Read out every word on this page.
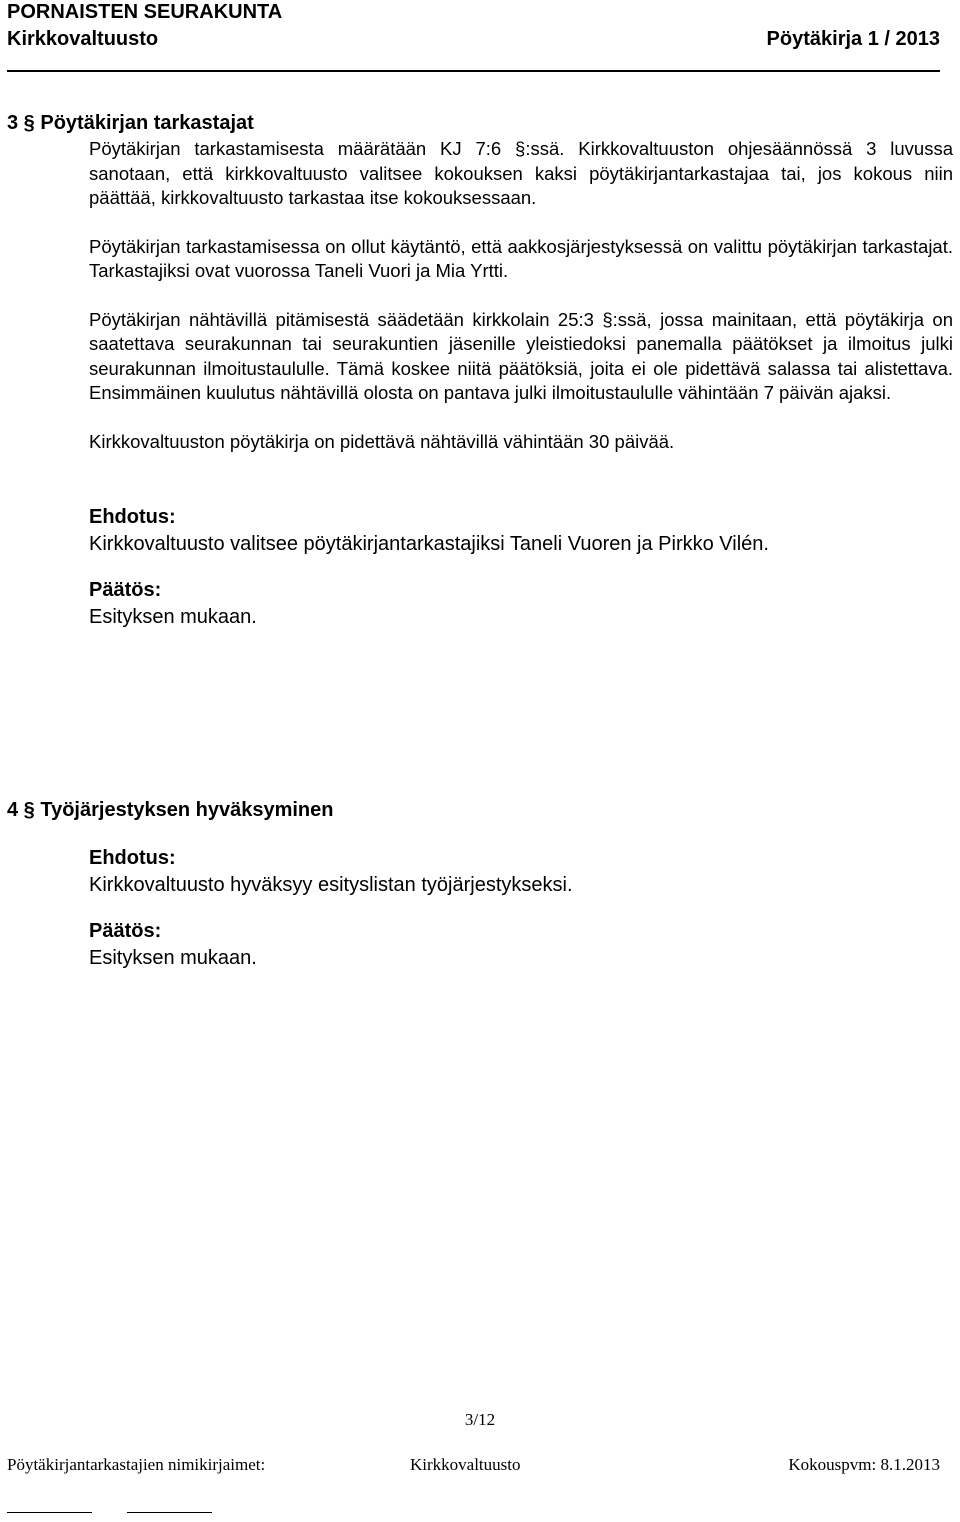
PORNAISTEN SEURAKUNTA
Kirkkovaltuusto	Pöytäkirja 1 / 2013
3 § Pöytäkirjan tarkastajat

Pöytäkirjan tarkastamisesta määrätään KJ 7:6 §:ssä. Kirkkovaltuuston ohjesäännössä 3 luvussa sanotaan, että kirkkovaltuusto valitsee kokouksen kaksi pöytäkirjantarkastajaa tai, jos kokous niin päättää, kirkkovaltuusto tarkastaa itse kokouksessaan.

Pöytäkirjan tarkastamisessa on ollut käytäntö, että aakkosjärjestyksessä on valittu pöytäkirjan tarkastajat. Tarkastajiksi ovat vuorossa Taneli Vuori ja Mia Yrtti.

Pöytäkirjan nähtävillä pitämisestä säädetään kirkkolain 25:3 §:ssä, jossa mainitaan, että pöytäkirja on saatettava seurakunnan tai seurakuntien jäsenille yleistiedoksi panemalla päätökset ja ilmoitus julki seurakunnan ilmoitustaululle. Tämä koskee niitä päätöksiä, joita ei ole pidettävä salassa tai alistettava. Ensimmäinen kuulutus nähtävillä olosta on pantava julki ilmoitustaululle vähintään 7 päivän ajaksi.

Kirkkovaltuuston pöytäkirja on pidettävä nähtävillä vähintään 30 päivää.

Ehdotus:
Kirkkovaltuusto valitsee pöytäkirjantarkastajiksi Taneli Vuoren ja Pirkko Vilén.
Päätös:
Esityksen mukaan.
4 § Työjärjestyksen hyväksyminen
Ehdotus:
Kirkkovaltuusto hyväksyy esityslistan työjärjestykseksi.
Päätös:
Esityksen mukaan.
3/12
Pöytäkirjantarkastajien nimikirjaimet:	Kirkkovaltuusto	Kokouspvm: 8.1.2013
